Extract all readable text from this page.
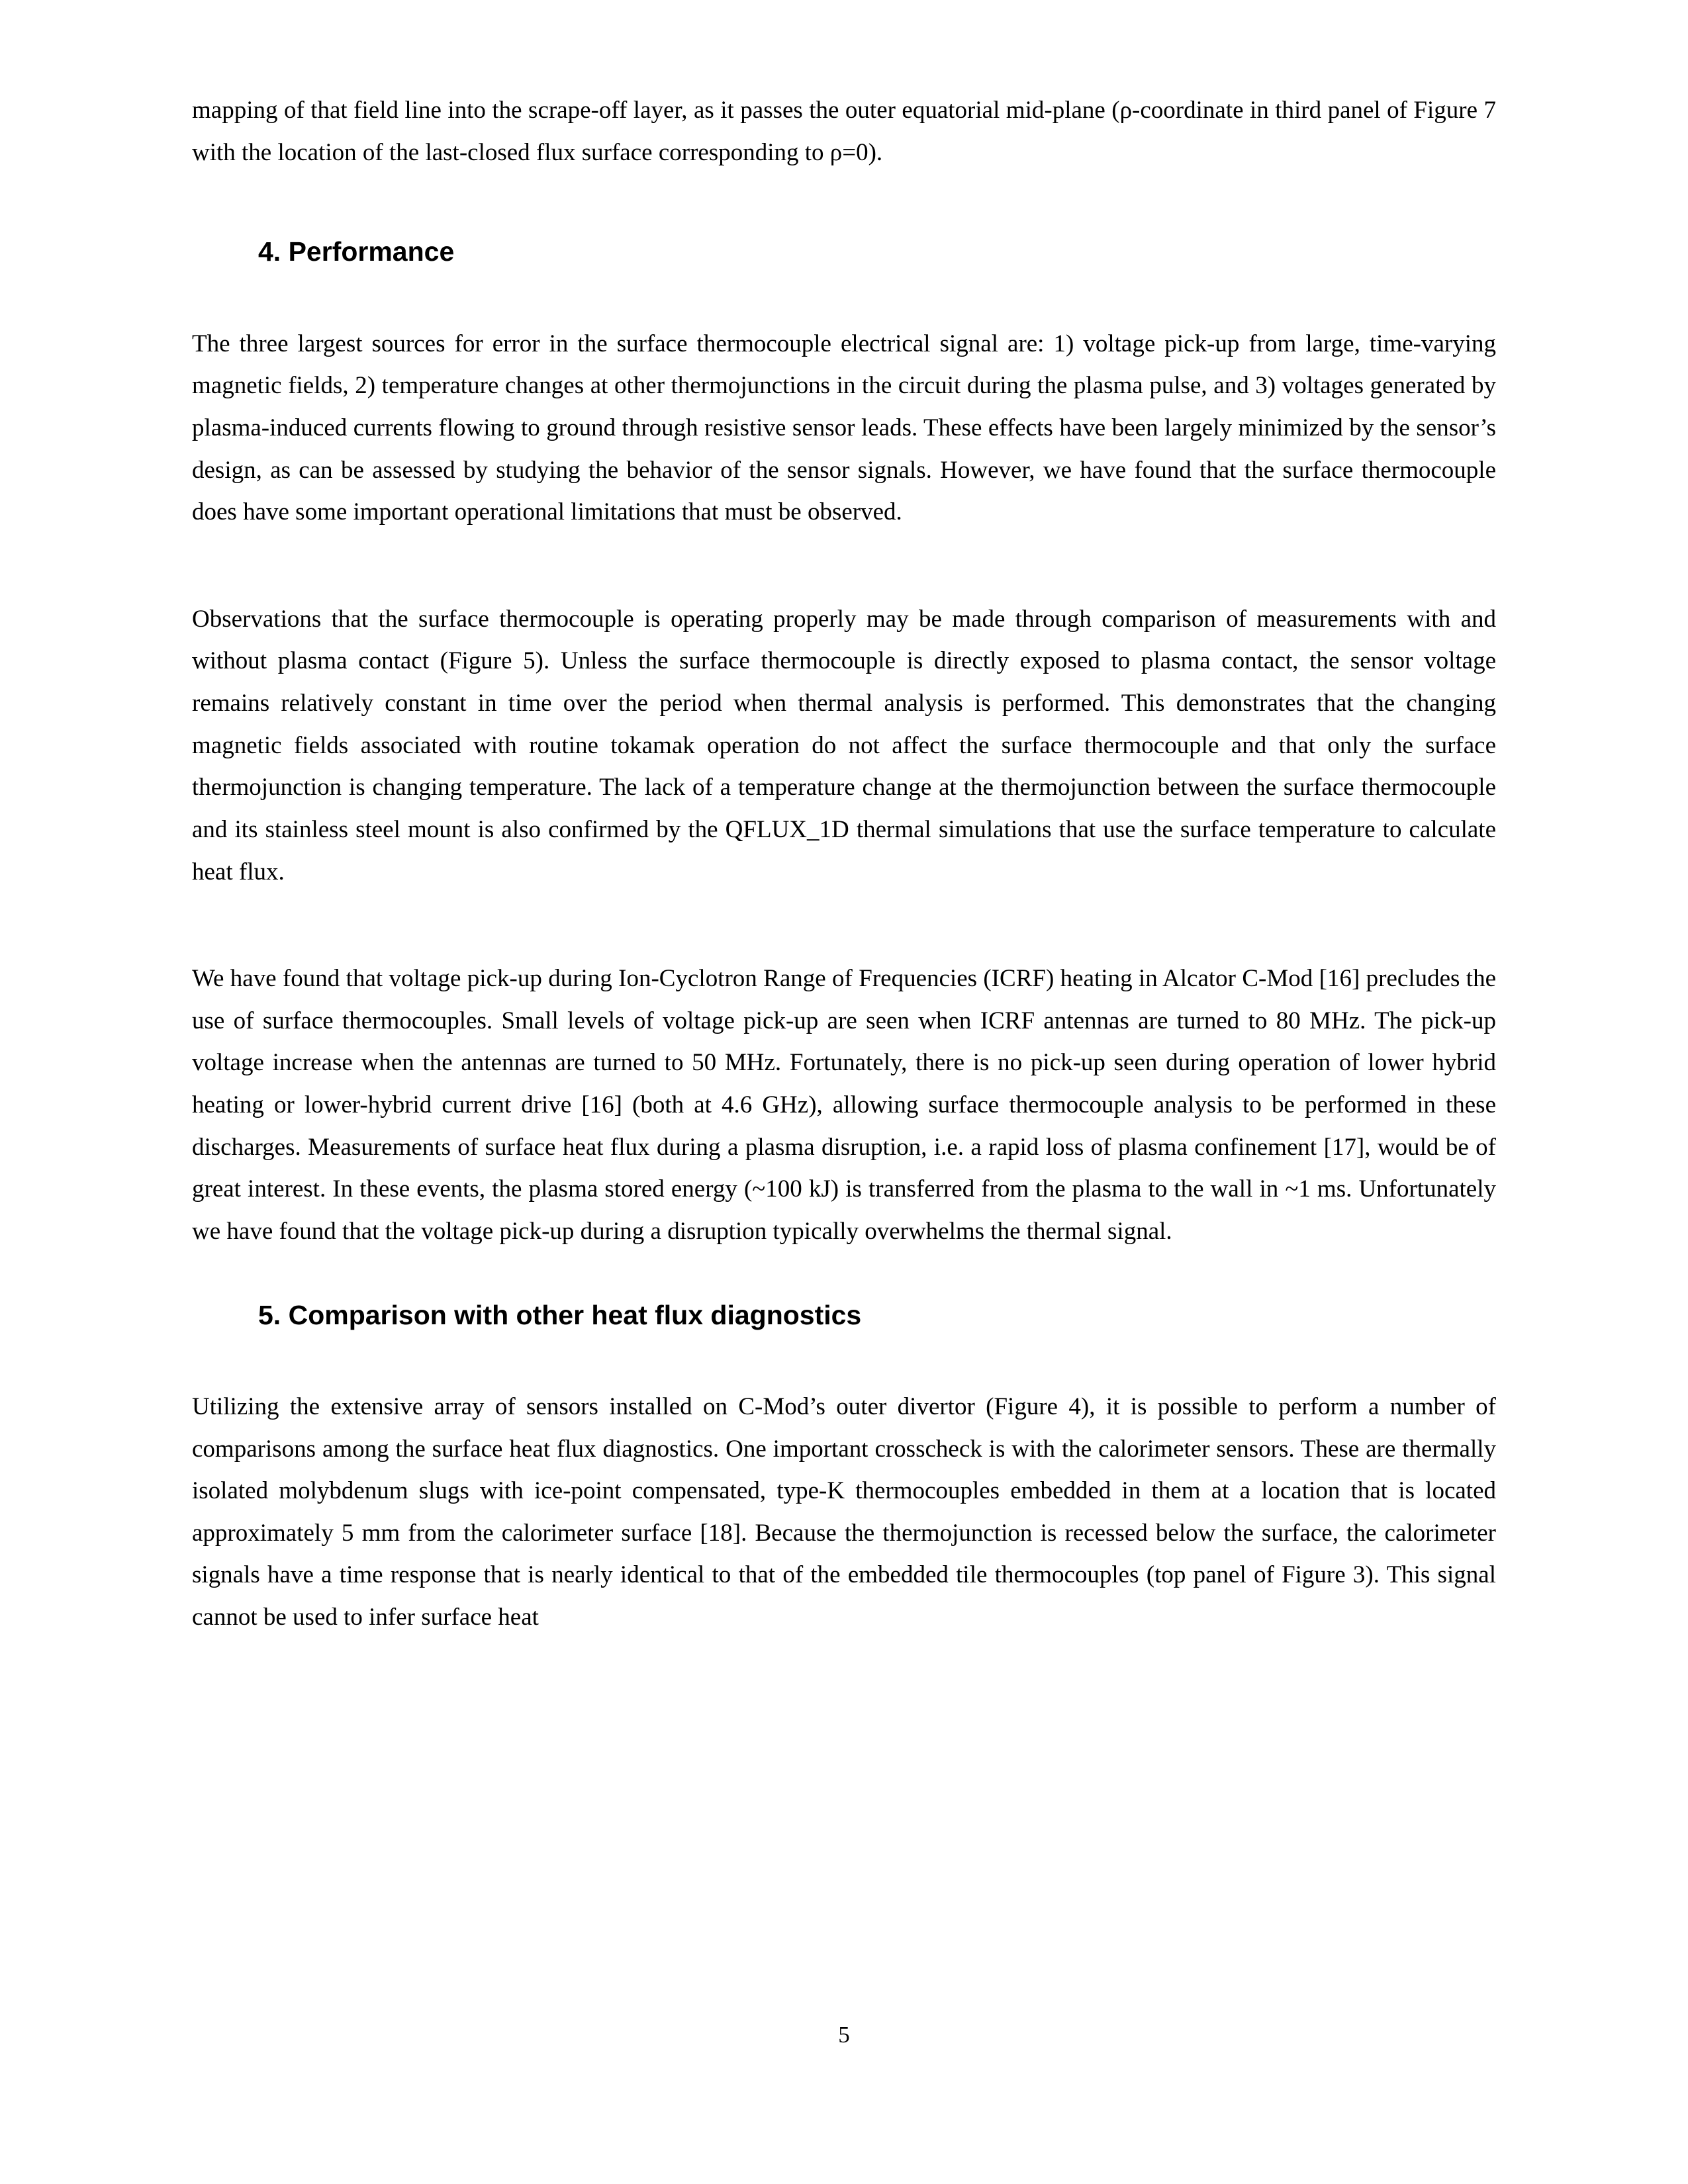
mapping of that field line into the scrape-off layer, as it passes the outer equatorial mid-plane (ρ-coordinate in third panel of Figure 7 with the location of the last-closed flux surface corresponding to ρ=0).

4. Performance

The three largest sources for error in the surface thermocouple electrical signal are: 1) voltage pick-up from large, time-varying magnetic fields, 2) temperature changes at other thermojunctions in the circuit during the plasma pulse, and 3) voltages generated by plasma-induced currents flowing to ground through resistive sensor leads. These effects have been largely minimized by the sensor’s design, as can be assessed by studying the behavior of the sensor signals. However, we have found that the surface thermocouple does have some important operational limitations that must be observed.

Observations that the surface thermocouple is operating properly may be made through comparison of measurements with and without plasma contact (Figure 5). Unless the surface thermocouple is directly exposed to plasma contact, the sensor voltage remains relatively constant in time over the period when thermal analysis is performed. This demonstrates that the changing magnetic fields associated with routine tokamak operation do not affect the surface thermocouple and that only the surface thermojunction is changing temperature. The lack of a temperature change at the thermojunction between the surface thermocouple and its stainless steel mount is also confirmed by the QFLUX_1D thermal simulations that use the surface temperature to calculate heat flux.

We have found that voltage pick-up during Ion-Cyclotron Range of Frequencies (ICRF) heating in Alcator C-Mod [16] precludes the use of surface thermocouples. Small levels of voltage pick-up are seen when ICRF antennas are turned to 80 MHz. The pick-up voltage increase when the antennas are turned to 50 MHz. Fortunately, there is no pick-up seen during operation of lower hybrid heating or lower-hybrid current drive [16] (both at 4.6 GHz), allowing surface thermocouple analysis to be performed in these discharges. Measurements of surface heat flux during a plasma disruption, i.e. a rapid loss of plasma confinement [17], would be of great interest. In these events, the plasma stored energy (~100 kJ) is transferred from the plasma to the wall in ~1 ms. Unfortunately we have found that the voltage pick-up during a disruption typically overwhelms the thermal signal.

5. Comparison with other heat flux diagnostics

Utilizing the extensive array of sensors installed on C-Mod’s outer divertor (Figure 4), it is possible to perform a number of comparisons among the surface heat flux diagnostics. One important crosscheck is with the calorimeter sensors. These are thermally isolated molybdenum slugs with ice-point compensated, type-K thermocouples embedded in them at a location that is located approximately 5 mm from the calorimeter surface [18]. Because the thermojunction is recessed below the surface, the calorimeter signals have a time response that is nearly identical to that of the embedded tile thermocouples (top panel of Figure 3). This signal cannot be used to infer surface heat

5
